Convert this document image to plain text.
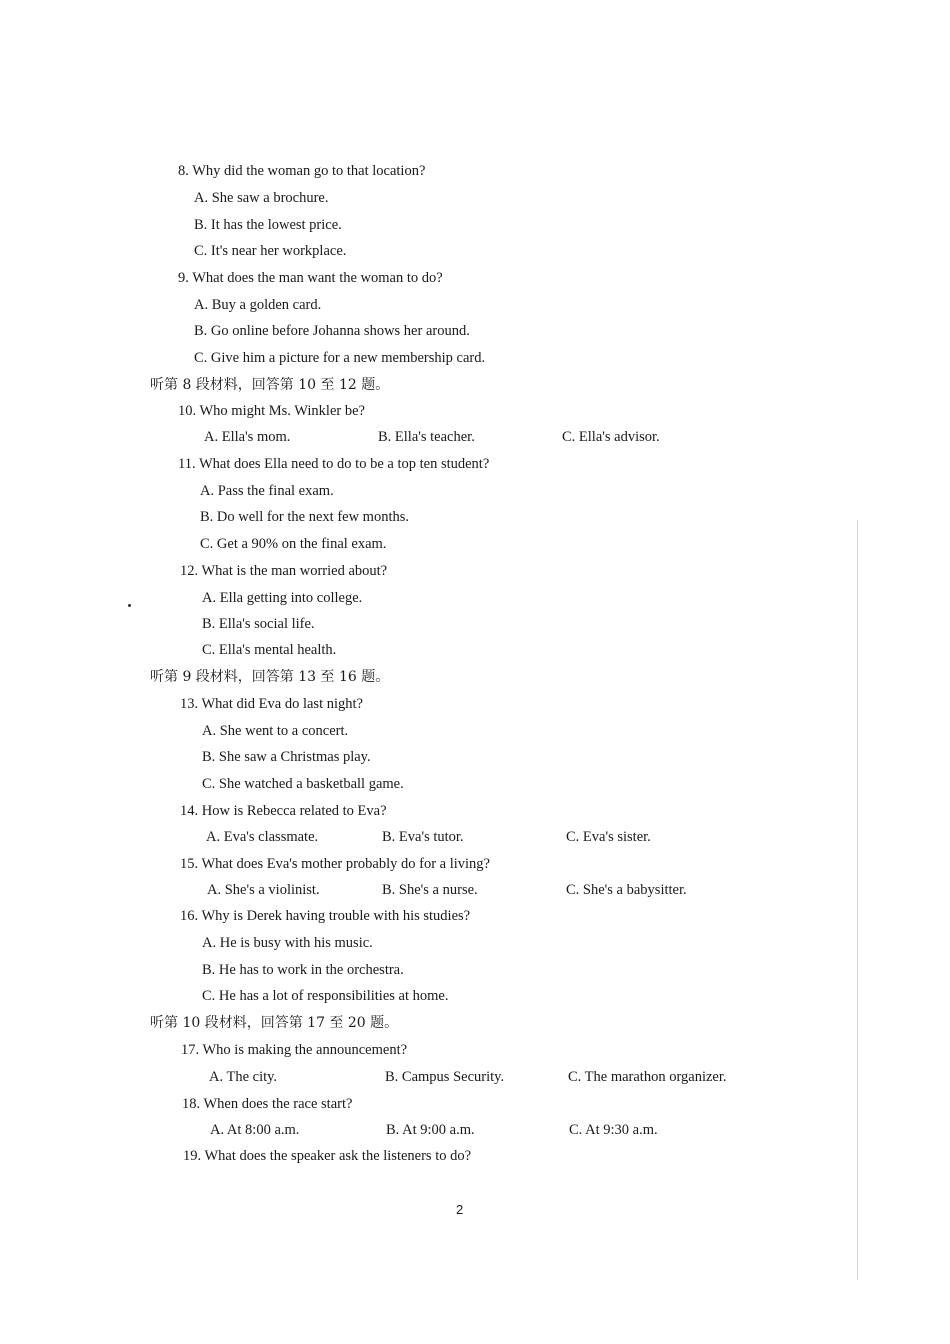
8. Why did the woman go to that location?
A. She saw a brochure.
B. It has the lowest price.
C. It's near her workplace.
9. What does the man want the woman to do?
A. Buy a golden card.
B. Go online before Johanna shows her around.
C. Give him a picture for a new membership card.
听第 8 段材料，回答第 10 至 12 题。
10. Who might Ms. Winkler be?
A. Ella's mom.	B. Ella's teacher.	C. Ella's advisor.
11. What does Ella need to do to be a top ten student?
A. Pass the final exam.
B. Do well for the next few months.
C. Get a 90% on the final exam.
12. What is the man worried about?
A. Ella getting into college.
B. Ella's social life.
C. Ella's mental health.
听第 9 段材料，回答第 13 至 16 题。
13. What did Eva do last night?
A. She went to a concert.
B. She saw a Christmas play.
C. She watched a basketball game.
14. How is Rebecca related to Eva?
A. Eva's classmate.	B. Eva's tutor.	C. Eva's sister.
15. What does Eva's mother probably do for a living?
A. She's a violinist.	B. She's a nurse.	C. She's a babysitter.
16. Why is Derek having trouble with his studies?
A. He is busy with his music.
B. He has to work in the orchestra.
C. He has a lot of responsibilities at home.
听第 10 段材料，回答第 17 至 20 题。
17. Who is making the announcement?
A. The city.	B. Campus Security.	C. The marathon organizer.
18. When does the race start?
A. At 8:00 a.m.	B. At 9:00 a.m.	C. At 9:30 a.m.
19. What does the speaker ask the listeners to do?
2
